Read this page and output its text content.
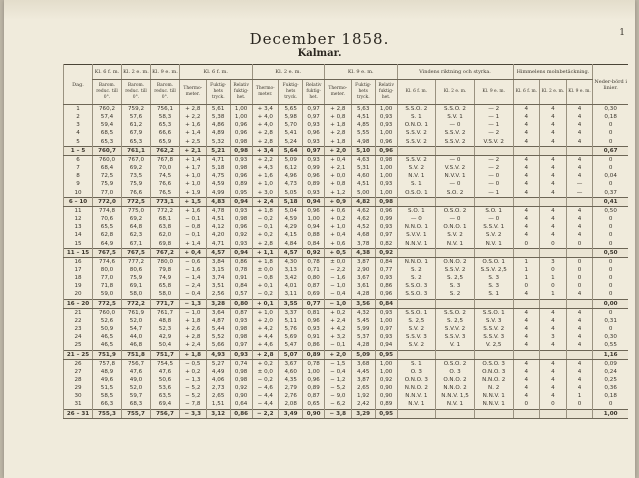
1
December 1858.
Kalmar.
Dag.	Kl. 6 f. m.	Kl. 2 e. m.	Kl. 9 e. m.	Kl. 6 f. m.			Kl. 2 e. m.			Kl. 9 e. m.			Vindens riktning och styrka.			Himmelens molnbetäckning.			Neder-börd i linier.
	Barom. reduc. till 0°.	Barom. reduc. till 0°.	Barom. reduc. till 0°.	Thermo-meter.	Fuktig-hets tryck.	Relativ fuktig-het.	Thermo-meter.	Fuktig-hets tryck.	Relativ fuktig-het.	Thermo-meter.	Fuktig-hets tryck.	Relativ fuktig-het.	Kl. 6 f. m.	Kl. 2 e. m.	Kl. 9 e. m.	Kl. 6 f. m.	Kl. 2 e. m.	Kl. 9 e. m.	
1	760,2	759,2	756,1	+ 2,8	5,61	1,00	+ 3,4	5,65	0,97	+ 2,8	5,63	1,00	S.S.O. 2	S.S.O. 2	— 2	4	4	4	0,30
2	57,4	57,6	58,3	+ 2,2	5,38	1,00	+ 4,0	5,98	0,97	+ 0,8	4,51	0,93	S. 1	S.V. 1	— 1	4	4	4	0,18
3	59,4	61,2	65,3	+ 1,6	4,86	0,96	+ 4,0	5,70	0,93	+ 1,8	4,85	0,93	O.N.O. 1	— 0	— 1	4	4	4	0
4	68,5	67,9	66,6	+ 1,4	4,89	0,96	+ 2,8	5,41	0,96	+ 2,8	5,55	1,00	S.S.V. 2	S.S.V. 2	— 2	4	4	4	0
5	65,3	65,3	65,9	+ 2,5	5,32	0,98	+ 2,8	5,24	0,93	+ 1,8	4,98	0,96	S.S.V. 2	S.S.V. 2	V.S.V. 2	4	4	4	0
1 – 5	760,7	761,1	762,2	+ 2,1	5,21	0,98	+ 3,4	5,64	0,97	+ 2,0	5,10	0,96							0,67
6	760,0	767,0	767,8	+ 1,4	4,71	0,93	+ 2,2	5,09	0,93	+ 0,4	4,63	0,98	S.S.V. 2	— 0	— 2	4	4	4	0
7	68,4	69,2	70,0	+ 1,7	5,18	0,98	+ 4,3	6,12	0,99	+ 2,1	5,31	1,00	S.V. 2	V.S.V. 2	— 2	4	4	4	0
8	72,5	73,5	74,5	+ 1,0	4,75	0,96	+ 1,6	4,96	0,96	+ 0,0	4,60	1,00	N.V. 1	N.V.V. 1	— 0	4	4	4	0,04
9	75,9	75,9	76,6	+ 1,0	4,59	0,89	+ 1,0	4,73	0,89	+ 0,8	4,51	0,93	S. 1	— 0	— 0	4	4	—	0
10	77,0	76,6	76,5	+ 1,9	4,99	0,95	+ 3,0	5,05	0,93	+ 1,2	5,00	1,00	O.S.O. 1	S.O. 2	— 1	4	4	—	0,37
6 – 10	772,0	772,5	773,1	+ 1,5	4,83	0,94	+ 2,4	5,18	0,94	+ 0,9	4,82	0,98							0,41
11	774,8	775,0	772,2	+ 1,6	4,78	0,93	+ 1,8	5,04	0,96	+ 0,6	4,62	0,96	S.O. 1	O.S.O. 2	S.O. 1	4	4	4	0,50
12	70,6	69,2	68,1	− 0,1	4,51	0,98	− 0,2	4,59	1,00	+ 0,2	4,62	0,99	— 0	— 0	— 0	4	4	4	0
13	65,5	64,8	63,8	− 0,8	4,12	0,96	− 0,1	4,29	0,94	+ 1,0	4,52	0,93	N.N.O. 1	O.N.O. 1	S.S.V. 1	4	4	4	0
14	62,8	62,3	62,0	− 0,1	4,20	0,92	+ 0,2	4,15	0,88	+ 0,4	4,68	0,97	S.V.V. 1	S.V. 2	S.V. 2	4	4	4	0
15	64,9	67,1	69,8	+ 1,4	4,71	0,93	+ 2,8	4,84	0,84	+ 0,6	3,78	0,82	N.N.V. 1	N.V. 1	N.V. 1	0	0	0	0
11 – 15	767,5	767,5	767,2	+ 0,4	4,57	0,94	+ 1,1	4,57	0,92	+ 0,5	4,38	0,92							0,50
16	774,6	777,2	780,0	− 0,6	3,84	0,86	+ 1,8	4,30	0,78	± 0,0	3,87	0,84	N.N.O. 1	O.N.O. 2	O.S.O. 1	1	3	0	0
17	80,0	80,6	79,8	− 1,6	3,15	0,78	± 0,0	3,13	0,71	− 2,2	2,90	0,77	S. 2	S.S.V. 2	S.S.V. 2,5	1	0	0	0
18	77,0	75,9	74,9	− 1,4	3,74	0,91	− 0,8	3,42	0,80	− 1,6	3,67	0,93	S. 2	S. 2,5	S. 3	1	1	0	0
19	71,8	69,1	65,8	− 2,4	3,51	0,84	+ 0,1	4,01	0,87	− 1,0	3,61	0,86	S.S.O. 3	S. 3	S. 3	0	0	0	0
20	59,0	58,0	58,0	− 0,4	2,56	0,57	− 0,2	3,11	0,69	− 0,4	4,28	0,96	S.S.O. 3	S. 2	S. 1	4	1	4	0
16 – 20	772,5	772,2	771,7	− 1,3	3,28	0,80	+ 0,1	3,55	0,77	− 1,0	3,56	0,84							0,00
21	760,0	761,9	761,7	− 1,0	3,64	0,87	+ 1,0	3,37	0,81	+ 0,2	4,32	0,93	S.S.O. 1	S.S.O. 2	S.S.O. 1	4	4	4	0
22	52,6	52,0	48,8	+ 1,8	4,87	0,93	+ 2,0	5,11	0,96	+ 2,4	5,45	1,00	S. 2,5	S. 2,5	S.V. 3	4	4	4	0,31
23	50,9	54,7	52,3	+ 2,6	5,44	0,98	+ 4,2	5,76	0,93	+ 4,2	5,99	0,97	S.V. 2	S.V.V. 2	S.S.V. 2	4	4	4	0
24	46,5	44,0	42,9	+ 2,8	5,52	0,98	+ 4,4	5,69	0,91	+ 3,2	5,37	0,93	S.S.V. 3	S.S.V. 3	S.S.V. 3	4	3	4	0,30
25	46,5	46,8	50,4	+ 2,4	5,66	0,97	+ 4,6	5,47	0,86	− 0,1	4,28	0,94	S.V. 2	V. 1	V. 2,5	4	4	4	0,55
21 – 25	751,9	751,8	751,7	+ 1,8	4,93	0,93	+ 2,8	5,07	0,89	+ 2,0	5,09	0,95							1,16
26	757,8	756,7	754,5	− 0,5	5,27	0,74	+ 0,2	3,67	0,78	− 1,5	3,68	1,00	S. 1	O.S.O. 2	O.S.O. 3	4	4	4	0,09
27	48,9	47,6	47,6	+ 0,2	4,49	0,98	± 0,0	4,60	1,00	− 0,4	4,45	1,00	O. 3	O. 3	O.N.O. 3	4	4	4	0,24
28	49,6	49,0	50,6	− 1,3	4,06	0,98	− 0,2	4,35	0,96	− 1,2	3,87	0,92	O.N.O. 3	O.N.O. 2	N.N.O. 2	4	4	4	0,25
29	51,5	52,0	53,6	− 5,2	2,73	0,92	− 4,6	2,79	0,89	− 5,2	2,65	0,90	N.N.O. 2	N.N.O. 2	N. 2	4	4	4	0,36
30	58,5	59,7	63,5	− 5,2	2,65	0,90	− 4,4	2,76	0,87	− 9,0	1,92	0,90	N.N.V. 1	N.N.V. 1,5	N.N.V. 1	4	4	1	0,18
31	66,3	68,3	69,4	− 7,8	1,51	0,64	− 4,4	2,08	0,65	− 6,2	2,42	0,89	N.V. 1	N.V. 1	N.N.V. 1	0	0	0	0
26 – 31	755,3	755,7	756,7	− 3,3	3,12	0,86	− 2,2	3,49	0,90	− 3,8	3,29	0,95							1,00
